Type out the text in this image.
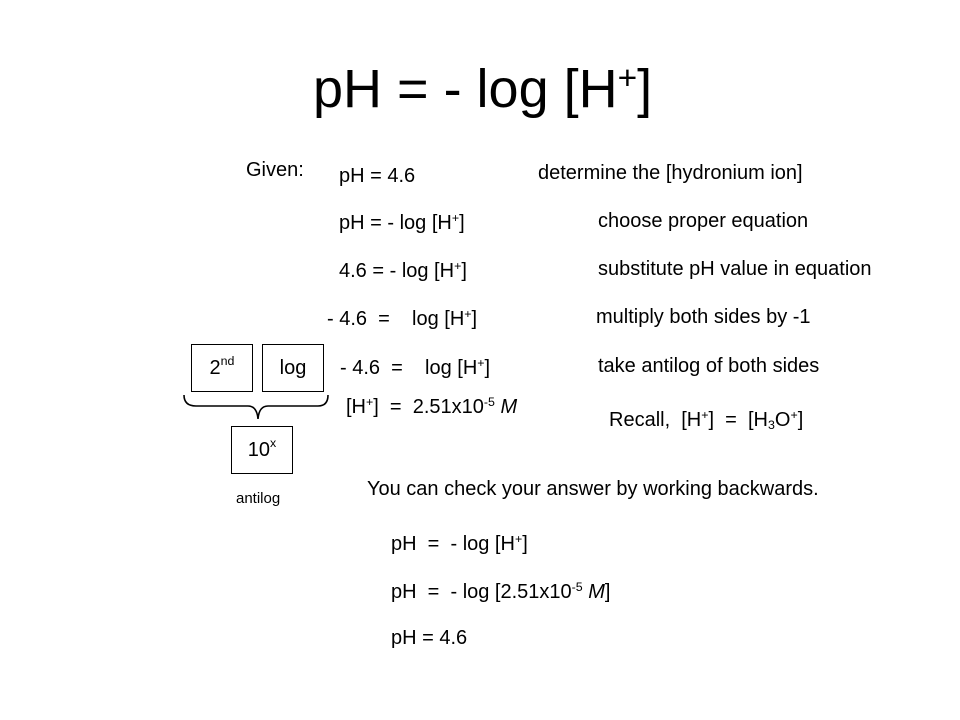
pH = - log [H+]
Given: pH = 4.6	determine the [hydronium ion]
pH = - log [H+]	choose proper equation
4.6 = - log [H+]	substitute pH value in equation
- 4.6  =    log [H+]	multiply both sides by -1
- 4.6  =    log [H+]	take antilog of both sides
$[H^+] = 2.51x10^{-5}$ M
Recall,  $[H^+] = [H_3O^+]$
2nd	log
10$^x$
antilog	You can check your answer by working backwards.
pH  =  - log [H+]
pH  =  - $\log [2.51x10^{-5}$ M]
pH = 4.6
